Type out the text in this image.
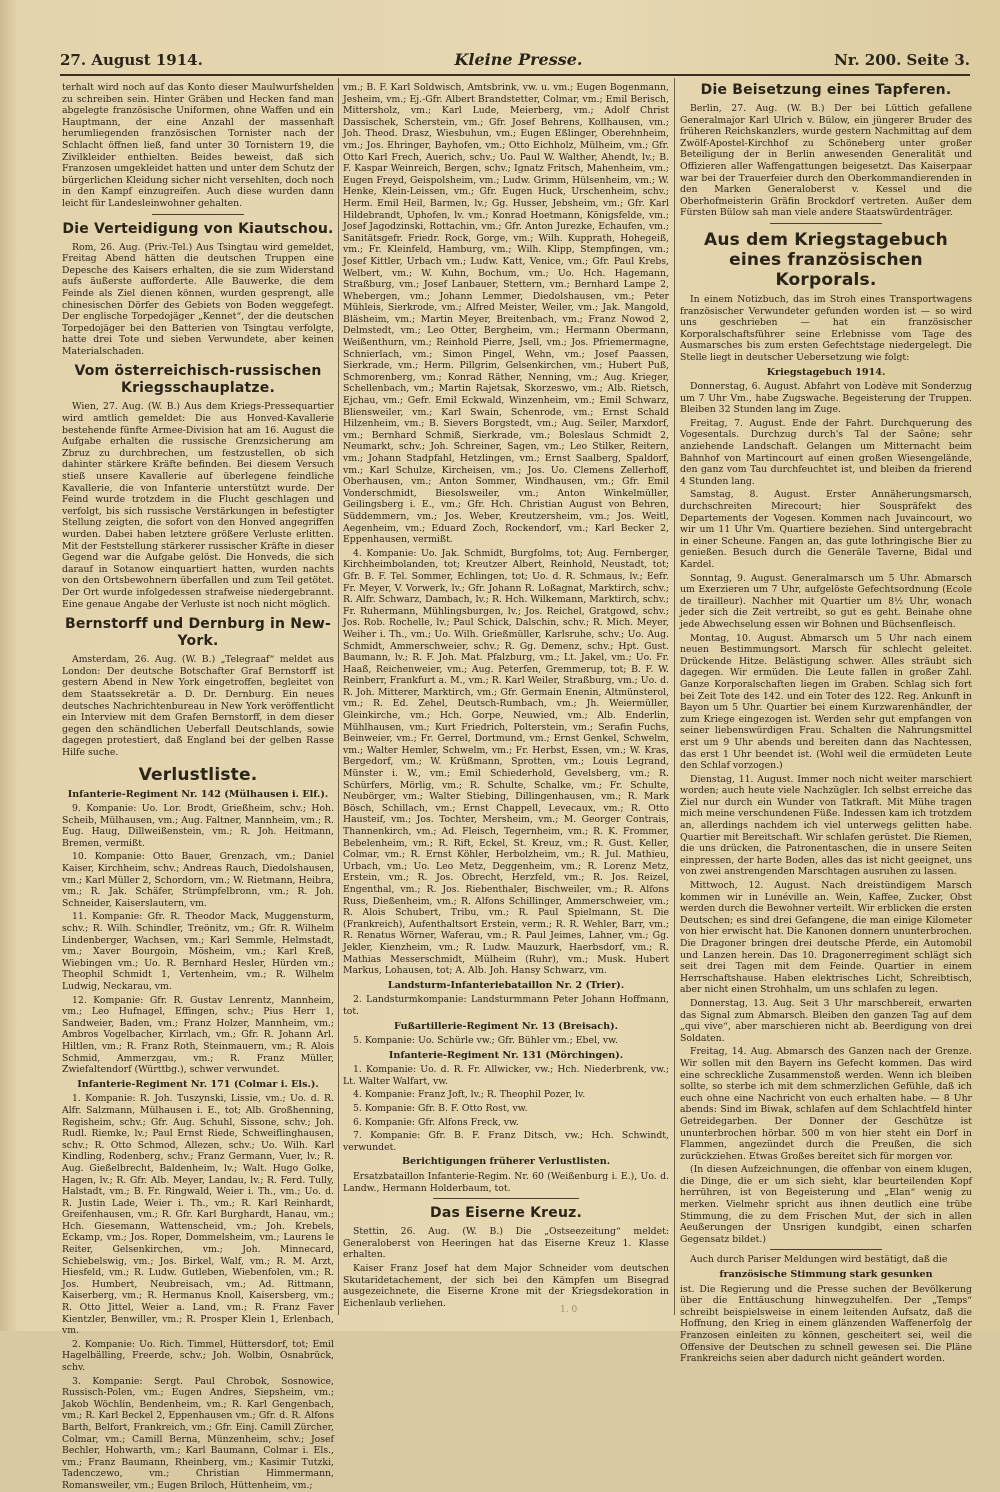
27. August 1914.	Kleine Presse.	Nr. 200. Seite 3.

terhalt wird noch auf das Konto dieser Maulwurfshelden zu schreiben sein. Hinter Gräben und Hecken fand man abgelegte französische Uniformen, ohne Waffen und ein Hauptmann, der eine Anzahl der massenhaft herumliegenden französischen Tornister nach der Schlacht öffnen ließ, fand unter 30 Tornistern 19, die Zivilkleider enthielten. Beides beweist, daß sich Franzosen umgekleidet hatten und unter dem Schutz der bürgerlichen Kleidung sicher nicht versehlten, doch noch in den Kampf einzugreifen. Auch diese wurden dann leicht für Landesleinwohner gehalten.

Die Verteidigung von Kiautschou.

Rom, 26. Aug. (Priv.-Tel.) Aus Tsingtau wird gemeldet, Freitag Abend hätten die deutschen Truppen eine Depesche des Kaisers erhalten, die sie zum Widerstand aufs äußerste aufforderte. Alle Bauwerke, die dem Feinde als Ziel dienen können, wurden gesprengt, alle chinesischen Dörfer des Gebiets von Boden weggefegt. Der englische Torpedojäger „Kennet“, der die deutschen Torpedojäger bei den Batterien von Tsingtau verfolgte, hatte drei Tote und sieben Verwundete, aber keinen Materialschaden.

Vom österreichisch-russischen Kriegsschauplatze.

Wien, 27. Aug. (W. B.) Aus dem Kriegs-Pressequartier wird amtlich gemeldet: Die aus Honved-Kavallerie bestehende fünfte Armee-Division hat am 16. August die Aufgabe erhalten die russische Grenzsicherung am Zbruz zu durchbrechen, um festzustellen, ob sich dahinter stärkere Kräfte befinden. Bei diesem Versuch stieß unsere Kavallerie auf überlegene feindliche Kavallerie, die von Infanterie unterstützt wurde. Der Feind wurde trotzdem in die Flucht geschlagen und verfolgt, bis sich russische Verstärkungen in befestigter Stellung zeigten, die sofort von den Honved angegriffen wurden. Dabei haben letztere größere Verluste erlitten. Mit der Feststellung stärkerer russischer Kräfte in dieser Gegend war die Aufgabe gelöst. Die Honveds, die sich darauf in Sotanow einquartiert hatten, wurden nachts von den Ortsbewohnern überfallen und zum Teil getötet. Der Ort wurde infolgedessen strafweise niedergebrannt. Eine genaue Angabe der Verluste ist noch nicht möglich.

Bernstorff und Dernburg in New-York.

Amsterdam, 26. Aug. (W. B.) „Telegraaf“ meldet aus London: Der deutsche Botschafter Graf Bernstorff ist gestern Abend in New York eingetroffen, begleitet von dem Staatssekretär a. D. Dr. Dernburg. Ein neues deutsches Nachrichtenbureau in New York veröffentlicht ein Interview mit dem Grafen Bernstorff, in dem dieser gegen den schändlichen Ueberfall Deutschlands, sowie dagegen protestiert, daß England bei der gelben Rasse Hilfe suche.

Verlustliste.
Infanterie-Regiment Nr. 142 (Mülhausen i. Elf.).

9. Kompanie: Uo. Lor. Brodt, Grießheim, schv.; Hoh. Scheib, Mülhausen, vm.; Aug. Faltner, Mannheim, vm.; R. Eug. Haug, Dillweißenstein, vm.; R. Joh. Heitmann, Bremen, vermißt.

10. Kompanie: Otto Bauer, Grenzach, vm.; Daniel Kaiser, Kirchheim, schv.; Andreas Rauch, Diedolshausen, vm.; Karl Müller 2, Schordorn, vm.; W. Rietmann, Heibra, vm.; R. Jak. Schäfer, Strümpfelbronn, vm.; R. Joh. Schneider, Kaiserslautern, vm.

11. Kompanie: Gfr. R. Theodor Mack, Muggensturm, schv.; R. Wilh. Schindler, Treönitz, vm.; Gfr. R. Wilhelm Lindenberger, Wachsen, vm.; Karl Semmle, Helmstadt, vm.; Xaver Bourgoin, Mösheim, vm.; Karl Kreß, Wiebingen vm.; Uo. R. Bernhard Hesler, Hürden vm.; Theophil Schmidt 1, Vertenheim, vm.; R. Wilhelm Ludwig, Neckarau, vm.

12. Kompanie: Gfr. R. Gustav Lenrentz, Mannheim, vm.; Leo Hufnagel, Effingen, schv.; Pius Herr 1, Sandweier, Baden, vm.; Franz Holzer, Mannheim, vm.; Ambros Vogelbacher, Kirrlach, vm.; Gfr. R. Johann Arl. Hiltlen, vm.; R. Franz Roth, Steinmauern, vm.; R. Alois Schmid, Ammerzgau, vm.; R. Franz Müller, Zwiefaltendorf (Württbg.), schwer verwundet.

Infanterie-Regiment Nr. 171 (Colmar i. Els.).

1. Kompanie: R. Joh. Tuszynski, Lissie, vm.; Uo. d. R. Alfr. Salzmann, Mülhausen i. E., tot; Alb. Großhenning, Regisheim, schv.; Gfr. Aug. Schuhl, Sissone, schv.; Joh. Rudl. Riemke, lv.; Paul Ernst Riede, Schweiflinghausen, schv.; R. Otto Schmod, Allezen, schv.; Uo. Wilh. Karl Kindling, Rodenberg, schv.; Franz Germann, Vuer, lv.; R. Aug. Gießelbrecht, Baldenheim, lv.; Walt. Hugo Golke, Hagen, lv.; R. Gfr. Alb. Meyer, Landau, lv.; R. Ferd. Tully, Halstadt, vm.; B. Fr. Ringwald, Weier i. Th., vm.; Uo. d. R. Justin Lade, Weier i. Th., vm.; R. Karl Reinhardt, Greifenhausen, vm.; R. Gfr. Karl Burghardt, Hanau, vm.; Hch. Giesemann, Wattenscheid, vm.; Joh. Krebels, Eckamp, vm.; Jos. Roper, Dommelsheim, vm.; Laurens le Reiter, Gelsenkirchen, vm.; Joh. Minnecard, Schiebelswig, vm.; Jos. Birkel, Walf, vm.; R. M. Arzt, Hiesfeld, vm.; R. Ludw. Gutleben, Wiebenfolen, vm.; R. Jos. Humbert, Neubreisach, vm.; Ad. Rittmann, Kaiserberg, vm.; R. Hermanus Knoll, Kaisersberg, vm.; R. Otto Jittel, Weier a. Land, vm.; R. Franz Faver Kientzler, Benwiller, vm.; R. Prosper Klein 1, Erlenbach, vm.

2. Kompanie: Uo. Rich. Timmel, Hüttersdorf, tot; Emil Hagelbälling, Freerde, schv.; Joh. Wolbin, Osnabrück, schv.

3. Kompanie: Sergt. Paul Chrobok, Sosnowice, Russisch-Polen, vm.; Eugen Andres, Siepsheim, vm.; Jakob Wöchlin, Bendenheim, vm.; R. Karl Gengenbach, vm.; R. Karl Beckel 2, Eppenhausen vm.; Gfr. d. R. Alfons Barth, Belfort, Frankreich, vm.; Gfr. Einj. Camill Zürcher, Colmar, vm.; Camill Berna, Münzenheim, schv.; Josef Bechler, Hohwarth, vm.; Karl Baumann, Colmar i. Els., vm.; Franz Baumann, Rheinberg, vm.; Kasimir Tutzki, Tadenczewo, vm.; Christian Himmermann, Romansweiler, vm.; Eugen Briloch, Hüttenheim, vm.;

vm.; B. F. Karl Soldwisch, Amtsbrink, vw. u. vm.; Eugen Bogenmann, Jesheim, vm.; Ej.-Gfr. Albert Brandstetter, Colmar, vm.; Emil Berisch, Mittersholz, vm.; Karl Lude, Meierberg, vm.; Adolf Christ Dassischek, Scherstein, vm.; Gfr. Josef Behrens, Kollhausen, vm.; Joh. Theod. Drasz, Wiesbuhun, vm.; Eugen Eßlinger, Oberehnheim, vm.; Jos. Ehringer, Bayhofen, vm.; Otto Eichholz, Mülheim, vm.; Gfr. Otto Karl Frech, Auerich, schv.; Uo. Paul W. Walther, Ahendt, lv.; B. F. Kaspar Weinreich, Bergen, schv.; Ignatz Fritsch, Mahenheim, vm.; Eugen Freyd, Geispolsheim, vm.; Ludw. Grimm, Hülsenheim, vm.; W. Henke, Klein-Leissen, vm.; Gfr. Eugen Huck, Urschenheim, schv.; Herm. Emil Heil, Barmen, lv.; Gg. Husser, Jebsheim, vm.; Gfr. Karl Hildebrandt, Uphofen, lv. vm.; Konrad Hoetmann, Königsfelde, vm.; Josef Jagodzinski, Rottachin, vm.; Gfr. Anton Jurezke, Echaufen, vm.; Sanitätsgefr. Friedr. Rock, Gorge, vm.; Wilh. Kupprath, Hohegeiß, vm.; Fr. Kleinfeld, Hamburg, vm.; Wilh. Klipp, Stempfingen, vm.; Josef Kittler, Urbach vm.; Ludw. Katt, Venice, vm.; Gfr. Paul Krebs, Welbert, vm.; W. Kuhn, Bochum, vm.; Uo. Hch. Hagemann, Straßburg, vm.; Josef Lanbauer, Stettern, vm.; Bernhard Lampe 2, Whebergen, vm.; Johann Lemmer, Diedolshausen, vm.; Peter Mühleis, Sierkrode, vm.; Alfred Meister, Weiler, vm.; Jak. Mangold, Bläsheim, vm.; Martin Meyer, Breitenbach, vm.; Franz Nowod 2, Delmstedt, vm.; Leo Otter, Bergheim, vm.; Hermann Obermann, Weißenthurn, vm.; Reinhold Pierre, Jsell, vm.; Jos. Pfriemermagne, Schnierlach, vm.; Simon Pingel, Wehn, vm.; Josef Paassen, Sierkrade, vm.; Herm. Pillgrim, Gelsenkirchen, vm.; Hubert Puß, Schmorenberg, vm.; Konrad Räther, Nenning, vm.; Aug. Krieger, Schellenbach, vm.; Martin Rajetsak, Skorzeswo, vm.; Alb. Rietsch, Ejchau, vm.; Gefr. Emil Eckwald, Winzenheim, vm.; Emil Schwarz, Bliensweiler, vm.; Karl Swain, Schenrode, vm.; Ernst Schald Hilzenheim, vm.; B. Sievers Borgstedt, vm.; Aug. Seiler, Marxdorf, vm.; Bernhard Schmiß, Sierkrade, vm.; Boleslaus Schmidt 2, Neumarkt, schv.; Joh. Schreiner, Sagen, vm.; Leo Stilker, Reitern, vm.; Johann Stadpfahl, Hetzlingen, vm.; Ernst Saalberg, Spaldorf, vm.; Karl Schulze, Kircheisen, vm.; Jos. Uo. Clemens Zellerhoff, Oberhausen, vm.; Anton Sommer, Windhausen, vm.; Gfr. Emil Vonderschmidt, Biesolsweiler, vm.; Anton Winkelmüller, Geilingsberg i. E., vm.; Gfr. Hch. Christian August von Behren, Süddemmern, vm.; Jos. Weber, Kreutzersheim, vm.; Jos. Weitl, Aegenheim, vm.; Eduard Zoch, Rockendorf, vm.; Karl Becker 2, Eppenhausen, vermißt.

4. Kompanie: Uo. Jak. Schmidt, Burgfolms, tot; Aug. Fernberger, Kirchheimbolanden, tot; Kreutzer Albert, Reinhold, Neustadt, tot; Gfr. B. F. Tel. Sommer, Echlingen, tot; Uo. d. R. Schmaus, lv.; Eefr. Fr. Meyer, V. Vorwerk, lv.; Gfr. Johann R. Loßagnat, Marktirch, schv.; R. Alfr. Schwarz, Dambach, lv.; R. Hch. Wilkemann, Marktirch, schv.; Fr. Ruhermann, Mühlingsburgen, lv.; Jos. Reichel, Gratgowd, schv.; Jos. Rob. Rochelle, lv.; Paul Schick, Dalschin, schv.; R. Mich. Meyer, Weiher i. Th., vm.; Uo. Wilh. Grießmüller, Karlsruhe, schv.; Uo. Aug. Schmidt, Ammerschweier, schv.; R. Gg. Demenz, schv.; Hpt. Gust. Baumann, lv.; R. F. Joh. Mat. Pfalzburg, vm.; Lt. Jakel, vm.; Uo. Fr. Haaß, Reichenweier, vm.; Aug. Peterfen, Gremmerup, tot; B. F. W. Reinberr, Frankfurt a. M., vm.; R. Karl Weiler, Straßburg, vm.; Uo. d. R. Joh. Mitterer, Marktirch, vm.; Gfr. Germain Enenin, Altmünsterol, vm.; R. Ed. Zehel, Deutsch-Rumbach, vm.; Jh. Weiermüller, Gleinkirche, vm.; Hch. Gorpe, Neuwied, vm.; Alb. Enderlin, Mühlhausen, vm.; Kurt Friedrich, Polterstein, vm.; Serafin Fuchs, Beinweier, vm.; Fr. Gerrel, Dortmund, vm.; Ernst Genkel, Schwelm, vm.; Walter Hemler, Schwelm, vm.; Fr. Herbst, Essen, vm.; W. Kras, Bergedorf, vm.; W. Krüßmann, Sprotten, vm.; Louis Legrand, Münster i. W., vm.; Emil Schiederhold, Gevelsberg, vm.; R. Schürfers, Mörlig, vm.; R. Schulte, Schalke, vm.; Fr. Schulte, Neubörger, vm.; Walter Stiebing, Dillingenhausen, vm.; R. Mark Bösch, Schillach, vm.; Ernst Chappell, Levecaux, vm.; R. Otto Hausteif, vm.; Jos. Tochter, Mersheim, vm.; M. Georger Contrais, Thannenkirch, vm.; Ad. Fleisch, Tegernheim, vm.; R. K. Frommer, Bebelenheim, vm.; R. Rift, Eckel, St. Kreuz, vm.; R. Gust. Keller, Colmar, vm.; R. Ernst Köhler, Herbolzheim, vm.; R. Jul. Mathieu, Urbach, vm.; Uo. Leo Metz, Deggenheim, vm.; R. Lorenz Metz, Erstein, vm.; R. Jos. Obrecht, Herzfeld, vm.; R. Jos. Reizel, Engenthal, vm.; R. Jos. Riebenthaler, Bischweiler, vm.; R. Alfons Russ, Dießenheim, vm.; R. Alfons Schillinger, Ammerschweier, vm.; R. Alois Schubert, Tribu, vm.; R. Paul Spielmann, St. Die (Frankreich), Aufenthaltsort Erstein, verm.; R. R. Wehler, Barr, vm.; R. Renatus Wörner, Waferau, vm.; R. Paul Jeimes, Lahner, vm.; Gg. Jekler, Kienzheim, vm.; R. Ludw. Mauzurk, Haerbsdorf, vm.; R. Mathias Messerschmidt, Mülheim (Ruhr), vm.; Musk. Hubert Markus, Lohausen, tot; A. Alb. Joh. Hansy Schwarz, vm.

Landsturm-Infanteriebataillon Nr. 2 (Trier).

2. Landsturmkompanie: Landsturmmann Peter Johann Hoffmann, tot.

Fußartillerie-Regiment Nr. 13 (Breisach).

5. Kompanie: Uo. Schürle vw.; Gfr. Bühler vm.; Ebel, vw.

Infanterie-Regiment Nr. 131 (Mörchingen).

1. Kompanie: Uo. d. R. Fr. Allwicker, vw.; Hch. Niederbrenk, vw.; Lt. Walter Walfart, vw.

4. Kompanie: Franz Joft, lv.; R. Theophil Pozer, lv.

5. Kompanie: Gfr. B. F. Otto Rost, vw.

6. Kompanie: Gfr. Alfons Freck, vw.

7. Kompanie: Gfr. B. F. Franz Ditsch, vw.; Hch. Schwindt, verwundet.

Berichtigungen früherer Verlustlisten.

Ersatzbataillon Infanterie-Regim. Nr. 60 (Weißenburg i. E.), Uo. d. Landw., Hermann Holderbaum, tot.

Das Eiserne Kreuz.

Stettin, 26. Aug. (W. B.) Die „Ostseezeitung“ meldet: Generaloberst von Heeringen hat das Eiserne Kreuz 1. Klasse erhalten.

Kaiser Franz Josef hat dem Major Schneider vom deutschen Skutaridetachement, der sich bei den Kämpfen um Bisegrad ausgezeichnete, die Eiserne Krone mit der Kriegsdekoration in Eichenlaub verliehen.

Die Beisetzung eines Tapferen.

Berlin, 27. Aug. (W. B.) Der bei Lüttich gefallene Generalmajor Karl Ulrich v. Bülow, ein jüngerer Bruder des früheren Reichskanzlers, wurde gestern Nachmittag auf dem Zwölf-Apostel-Kirchhof zu Schöneberg unter großer Beteiligung der in Berlin anwesenden Generalität und Offizieren aller Waffengattungen beigesetzt. Das Kaiserpaar war bei der Trauerfeier durch den Oberkommandierenden in den Marken Generaloberst v. Kessel und die Oberhofmeisterin Gräfin Brockdorf vertreten. Außer dem Fürsten Bülow sah man viele andere Staatswürdenträger.

Aus dem Kriegstagebuch eines französischen Korporals.

In einem Notizbuch, das im Stroh eines Transportwagens französischer Verwundeter gefunden worden ist — so wird uns geschrieben — hat ein französischer Korporalschaftsführer seine Erlebnisse vom Tage des Ausmarsches bis zum ersten Gefechtstage niedergelegt. Die Stelle liegt in deutscher Uebersetzung wie folgt:

Kriegstagebuch 1914.

Donnerstag, 6. August. Abfahrt von Lodève mit Sonderzug um 7 Uhr Vm., habe Zugswache. Begeisterung der Truppen. Bleiben 32 Stunden lang im Zuge.

Freitag, 7. August. Ende der Fahrt. Durchquerung des Vogesentals. Durchzug durch's Tal der Saône; sehr anziehende Landschaft. Gelangen um Mitternacht beim Bahnhof von Martincourt auf einen großen Wiesengelände, den ganz vom Tau durchfeuchtet ist, und bleiben da frierend 4 Stunden lang.

Samstag, 8. August. Erster Annäherungsmarsch, durchschreiten Mirecourt; hier Souspräfekt des Departements der Vogesen. Kommen nach Juvaincourt, wo wir um 11 Uhr Vm. Quartiere beziehen. Sind untergebracht in einer Scheune. Fangen an, das gute lothringische Bier zu genießen. Besuch durch die Generäle Taverne, Bidal und Kardel.

Sonntag, 9. August. Generalmarsch um 5 Uhr. Abmarsch um Exerzieren um 7 Uhr, aufgelöste Gefechtsordnung (Ecole de tirailleur). Nachher mit Quartier um 8½ Uhr, wonach jeder sich die Zeit vertreibt, so gut es geht. Beinahe ohne jede Abwechselung essen wir Bohnen und Büchsenfleisch.

Montag, 10. August. Abmarsch um 5 Uhr nach einem neuen Bestimmungsort. Marsch für schlecht geleitet. Drückende Hitze. Belästigung schwer. Alles sträubt sich dagegen. Wir ermüden. Die Leute fallen in großer Zahl. Ganze Korporalschaften liegen im Graben. Schlag sich fort bei Zeit Tote des 142. und ein Toter des 122. Reg. Ankunft in Bayon um 5 Uhr. Quartier bei einem Kurzwarenhändler, der zum Kriege eingezogen ist. Werden sehr gut empfangen von seiner liebenswürdigen Frau. Schalten die Nahrungsmittel erst um 9 Uhr abends und bereiten dann das Nachtessen, das erst 1 Uhr beendet ist. (Wohl weil die ermüdeten Leute den Schlaf vorzogen.)

Dienstag, 11. August. Immer noch nicht weiter marschiert worden; auch heute viele Nachzügler. Ich selbst erreiche das Ziel nur durch ein Wunder von Tatkraft. Mit Mühe tragen mich meine verschundenen Füße. Indessen kam ich trotzdem an, allerdings nachdem ich viel unterwegs gelitten habe. Quartier mit Bereitschaft. Wir schlafen gerüstet. Die Riemen, die uns drücken, die Patronentaschen, die in unsere Seiten einpressen, der harte Boden, alles das ist nicht geeignet, uns von zwei anstrengenden Marschtagen ausruhen zu lassen.

Mittwoch, 12. August. Nach dreistündigem Marsch kommen wir in Lunéville an. Wein, Kaffee, Zucker, Obst werden durch die Bewohner verteilt. Wir erblicken die ersten Deutschen; es sind drei Gefangene, die man einige Kilometer von hier erwischt hat. Die Kanonen donnern ununterbrochen. Die Dragoner bringen drei deutsche Pferde, ein Automobil und Lanzen herein. Das 10. Dragonerregiment schlägt sich seit drei Tagen mit dem Feinde. Quartier in einem Herrschaftshause. Haben elektrisches Licht, Schreibtisch, aber nicht einen Strohhalm, um uns schlafen zu legen.

Donnerstag, 13. Aug. Seit 3 Uhr marschbereit, erwarten das Signal zum Abmarsch. Bleiben den ganzen Tag auf dem „qui vive“, aber marschieren nicht ab. Beerdigung von drei Soldaten.

Freitag, 14. Aug. Abmarsch des Ganzen nach der Grenze. Wir sollen mit den Bayern ins Gefecht kommen. Das wird eine schreckliche Zusammenstoß werden. Wenn ich bleiben sollte, so sterbe ich mit dem schmerzlichen Gefühle, daß ich euch ohne eine Nachricht von euch erhalten habe. — 8 Uhr abends: Sind im Biwak, schlafen auf dem Schlachtfeld hinter Getreidegarben. Der Donner der Geschütze ist ununterbrochen hörbar. 500 m von hier steht ein Dorf in Flammen, angezündet durch die Preußen, die sich zurückziehen. Etwas Großes bereitet sich für morgen vor.

(In diesen Aufzeichnungen, die offenbar von einem klugen, die Dinge, die er um sich sieht, klar beurteilenden Kopf herrühren, ist von Begeisterung und „Elan“ wenig zu merken. Vielmehr spricht aus ihnen deutlich eine trübe Stimmung, die zu dem Frischen Mut, der sich in allen Aeußerungen der Unsrigen kundgibt, einen scharfen Gegensatz bildet.)

Auch durch Pariser Meldungen wird bestätigt, daß die

französische Stimmung stark gesunken

ist. Die Regierung und die Presse suchen der Bevölkerung über die Enttäuschung hinwegzuhelfen. Der „Temps“ schreibt beispielsweise in einem leitenden Aufsatz, daß die Hoffnung, den Krieg in einem glänzenden Waffenerfolg der Franzosen einleiten zu können, gescheitert sei, weil die Offensive der Deutschen zu schnell gewesen sei. Die Pläne Frankreichs seien aber dadurch nicht geändert worden.

1. 0
